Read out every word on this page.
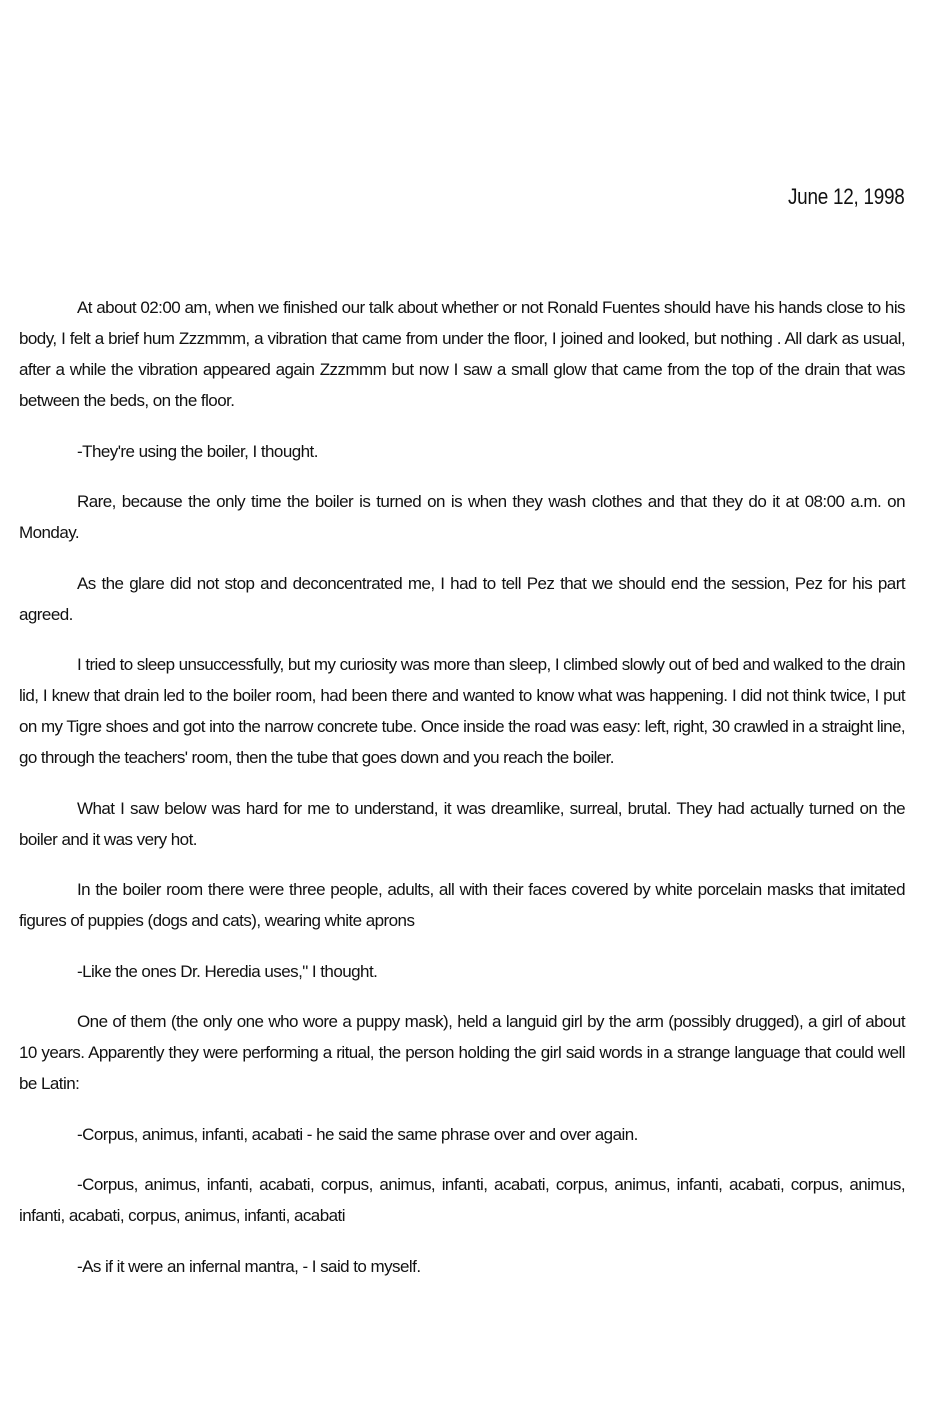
June 12, 1998

At about 02:00 am, when we finished our talk about whether or not Ronald Fuentes should have his hands close to his body, I felt a brief hum Zzzmmm, a vibration that came from under the floor, I joined and looked, but nothing . All dark as usual, after a while the vibration appeared again Zzzmmm but now I saw a small glow that came from the top of the drain that was between the beds, on the floor.

-They're using the boiler, I thought.

Rare, because the only time the boiler is turned on is when they wash clothes and that they do it at 08:00 a.m. on Monday.

As the glare did not stop and deconcentrated me, I had to tell Pez that we should end the session, Pez for his part agreed.

I tried to sleep unsuccessfully, but my curiosity was more than sleep, I climbed slowly out of bed and walked to the drain lid, I knew that drain led to the boiler room, had been there and wanted to know what was happening. I did not think twice, I put on my Tigre shoes and got into the narrow concrete tube. Once inside the road was easy: left, right, 30 crawled in a straight line, go through the teachers' room, then the tube that goes down and you reach the boiler.

What I saw below was hard for me to understand, it was dreamlike, surreal, brutal. They had actually turned on the boiler and it was very hot.

In the boiler room there were three people, adults, all with their faces covered by white porcelain masks that imitated figures of puppies (dogs and cats), wearing white aprons

-Like the ones Dr. Heredia uses," I thought.

One of them (the only one who wore a puppy mask), held a languid girl by the arm (possibly drugged), a girl of about 10 years. Apparently they were performing a ritual, the person holding the girl said words in a strange language that could well be Latin:

-Corpus, animus, infanti, acabati - he said the same phrase over and over again.

-Corpus, animus, infanti, acabati, corpus, animus, infanti, acabati, corpus, animus, infanti, acabati, corpus, animus, infanti, acabati, corpus, animus, infanti, acabati

-As if it were an infernal mantra, - I said to myself.
